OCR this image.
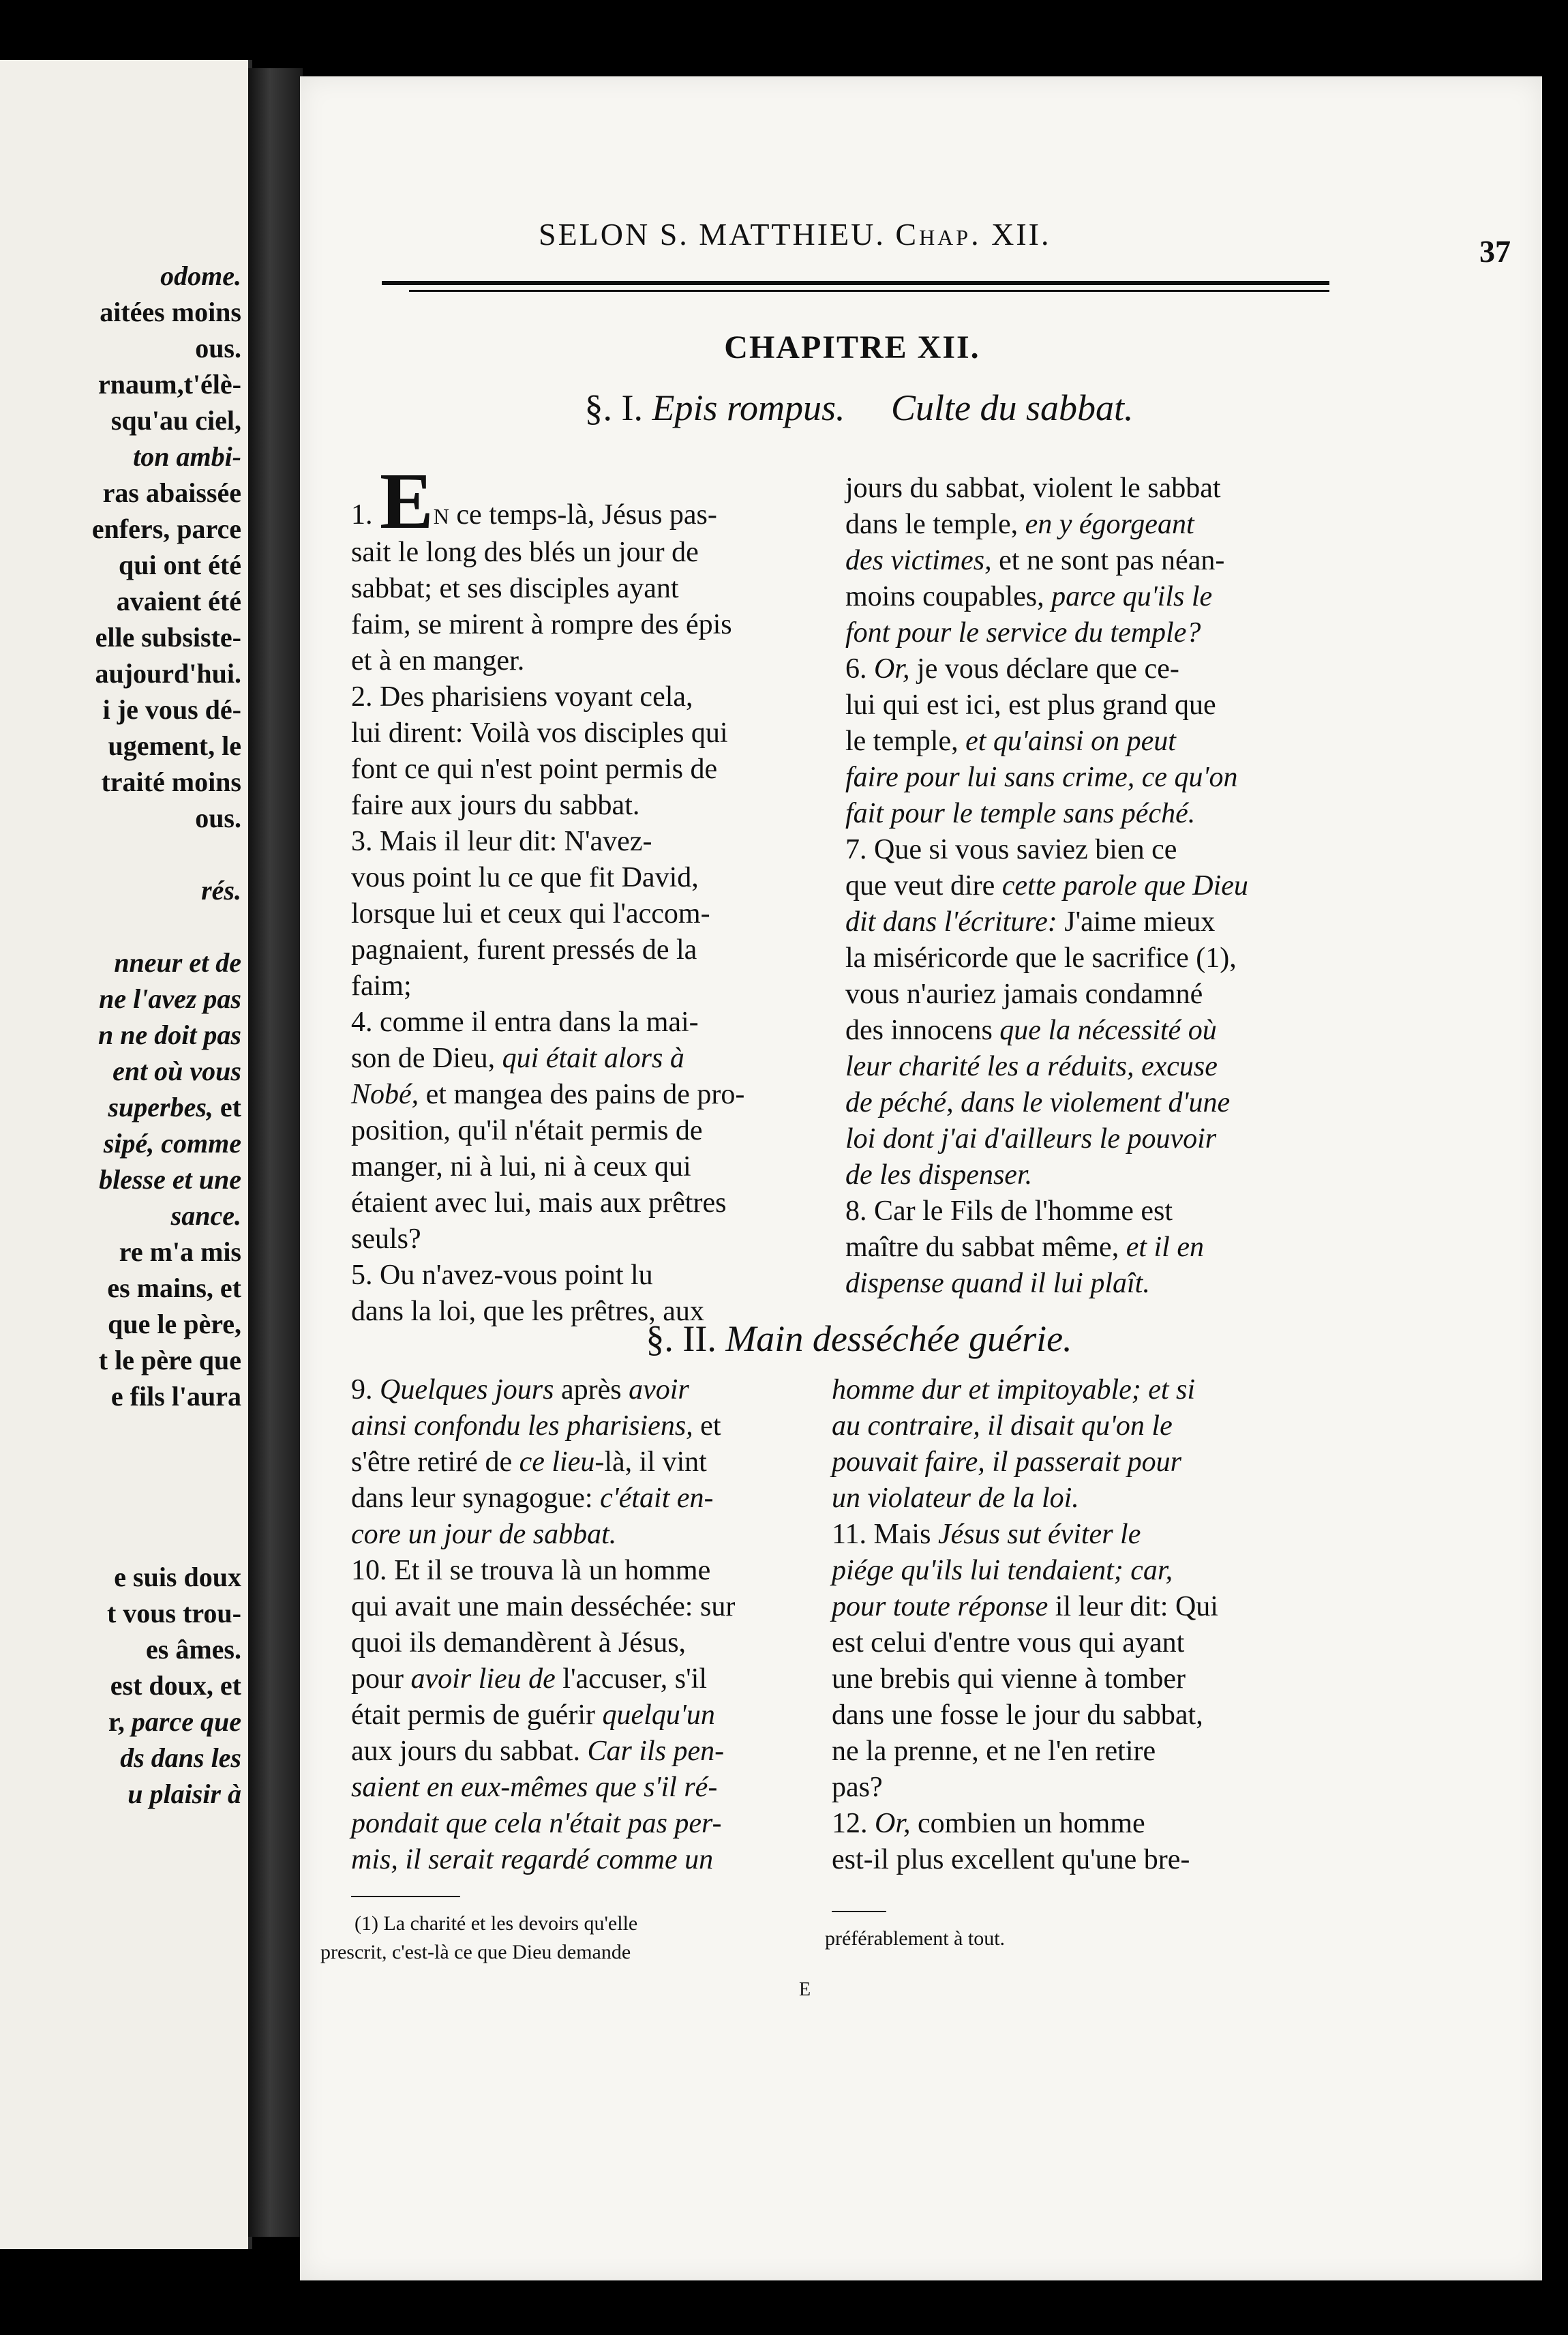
odome.
aitées moins
ous.
rnaum,t'élè-
squ'au ciel,
ton ambi-
ras abaissée
enfers, parce
qui ont été
avaient été
elle subsiste-
aujourd'hui.
i je vous dé-
ugement, le
traité moins
ous.
rés.
nneur et de
ne l'avez pas
n ne doit pas
ent où vous
superbes, et
sipé, comme
blesse et une
sance.
re m'a mis
es mains, et
que le père,
t le père que
e fils l'aura
e suis doux
t vous trou-
es âmes.
est doux, et
r, parce que
ds dans les
u plaisir à
SELON S. MATTHIEU. Chap. XII.	37
CHAPITRE XII.
§. I. Epis rompus. Culte du sabbat.
1. EN ce temps-là, Jésus pas-
sait le long des blés un jour de
sabbat; et ses disciples ayant
faim, se mirent à rompre des épis
et à en manger.
2. Des pharisiens voyant cela,
lui dirent: Voilà vos disciples qui
font ce qui n'est point permis de
faire aux jours du sabbat.
3. Mais il leur dit: N'avez-
vous point lu ce que fit David,
lorsque lui et ceux qui l'accom-
pagnaient, furent pressés de la
faim;
4. comme il entra dans la mai-
son de Dieu, qui était alors à
Nobé, et mangea des pains de pro-
position, qu'il n'était permis de
manger, ni à lui, ni à ceux qui
étaient avec lui, mais aux prêtres
seuls?
5. Ou n'avez-vous point lu
dans la loi, que les prêtres, aux
jours du sabbat, violent le sabbat
dans le temple, en y égorgeant
des victimes, et ne sont pas néan-
moins coupables, parce qu'ils le
font pour le service du temple?
6. Or, je vous déclare que ce-
lui qui est ici, est plus grand que
le temple, et qu'ainsi on peut
faire pour lui sans crime, ce qu'on
fait pour le temple sans péché.
7. Que si vous saviez bien ce
que veut dire cette parole que Dieu
dit dans l'écriture: J'aime mieux
la miséricorde que le sacrifice (1),
vous n'auriez jamais condamné
des innocens que la nécessité où
leur charité les a réduits, excuse
de péché, dans le violement d'une
loi dont j'ai d'ailleurs le pouvoir
de les dispenser.
8. Car le Fils de l'homme est
maître du sabbat même, et il en
dispense quand il lui plaît.
§. II. Main desséchée guérie.
9. Quelques jours après avoir
ainsi confondu les pharisiens, et
s'être retiré de ce lieu-là, il vint
dans leur synagogue: c'était en-
core un jour de sabbat.
10. Et il se trouva là un homme
qui avait une main desséchée: sur
quoi ils demandèrent à Jésus,
pour avoir lieu de l'accuser, s'il
était permis de guérir quelqu'un
aux jours du sabbat. Car ils pen-
saient en eux-mêmes que s'il ré-
pondait que cela n'était pas per-
mis, il serait regardé comme un
homme dur et impitoyable; et si
au contraire, il disait qu'on le
pouvait faire, il passerait pour
un violateur de la loi.
11. Mais Jésus sut éviter le
piége qu'ils lui tendaient; car,
pour toute réponse il leur dit: Qui
est celui d'entre vous qui ayant
une brebis qui vienne à tomber
dans une fosse le jour du sabbat,
ne la prenne, et ne l'en retire
pas?
12. Or, combien un homme
est-il plus excellent qu'une bre-
(1) La charité et les devoirs qu'elle
prescrit, c'est-là ce que Dieu demande
préférablement à tout.
E
